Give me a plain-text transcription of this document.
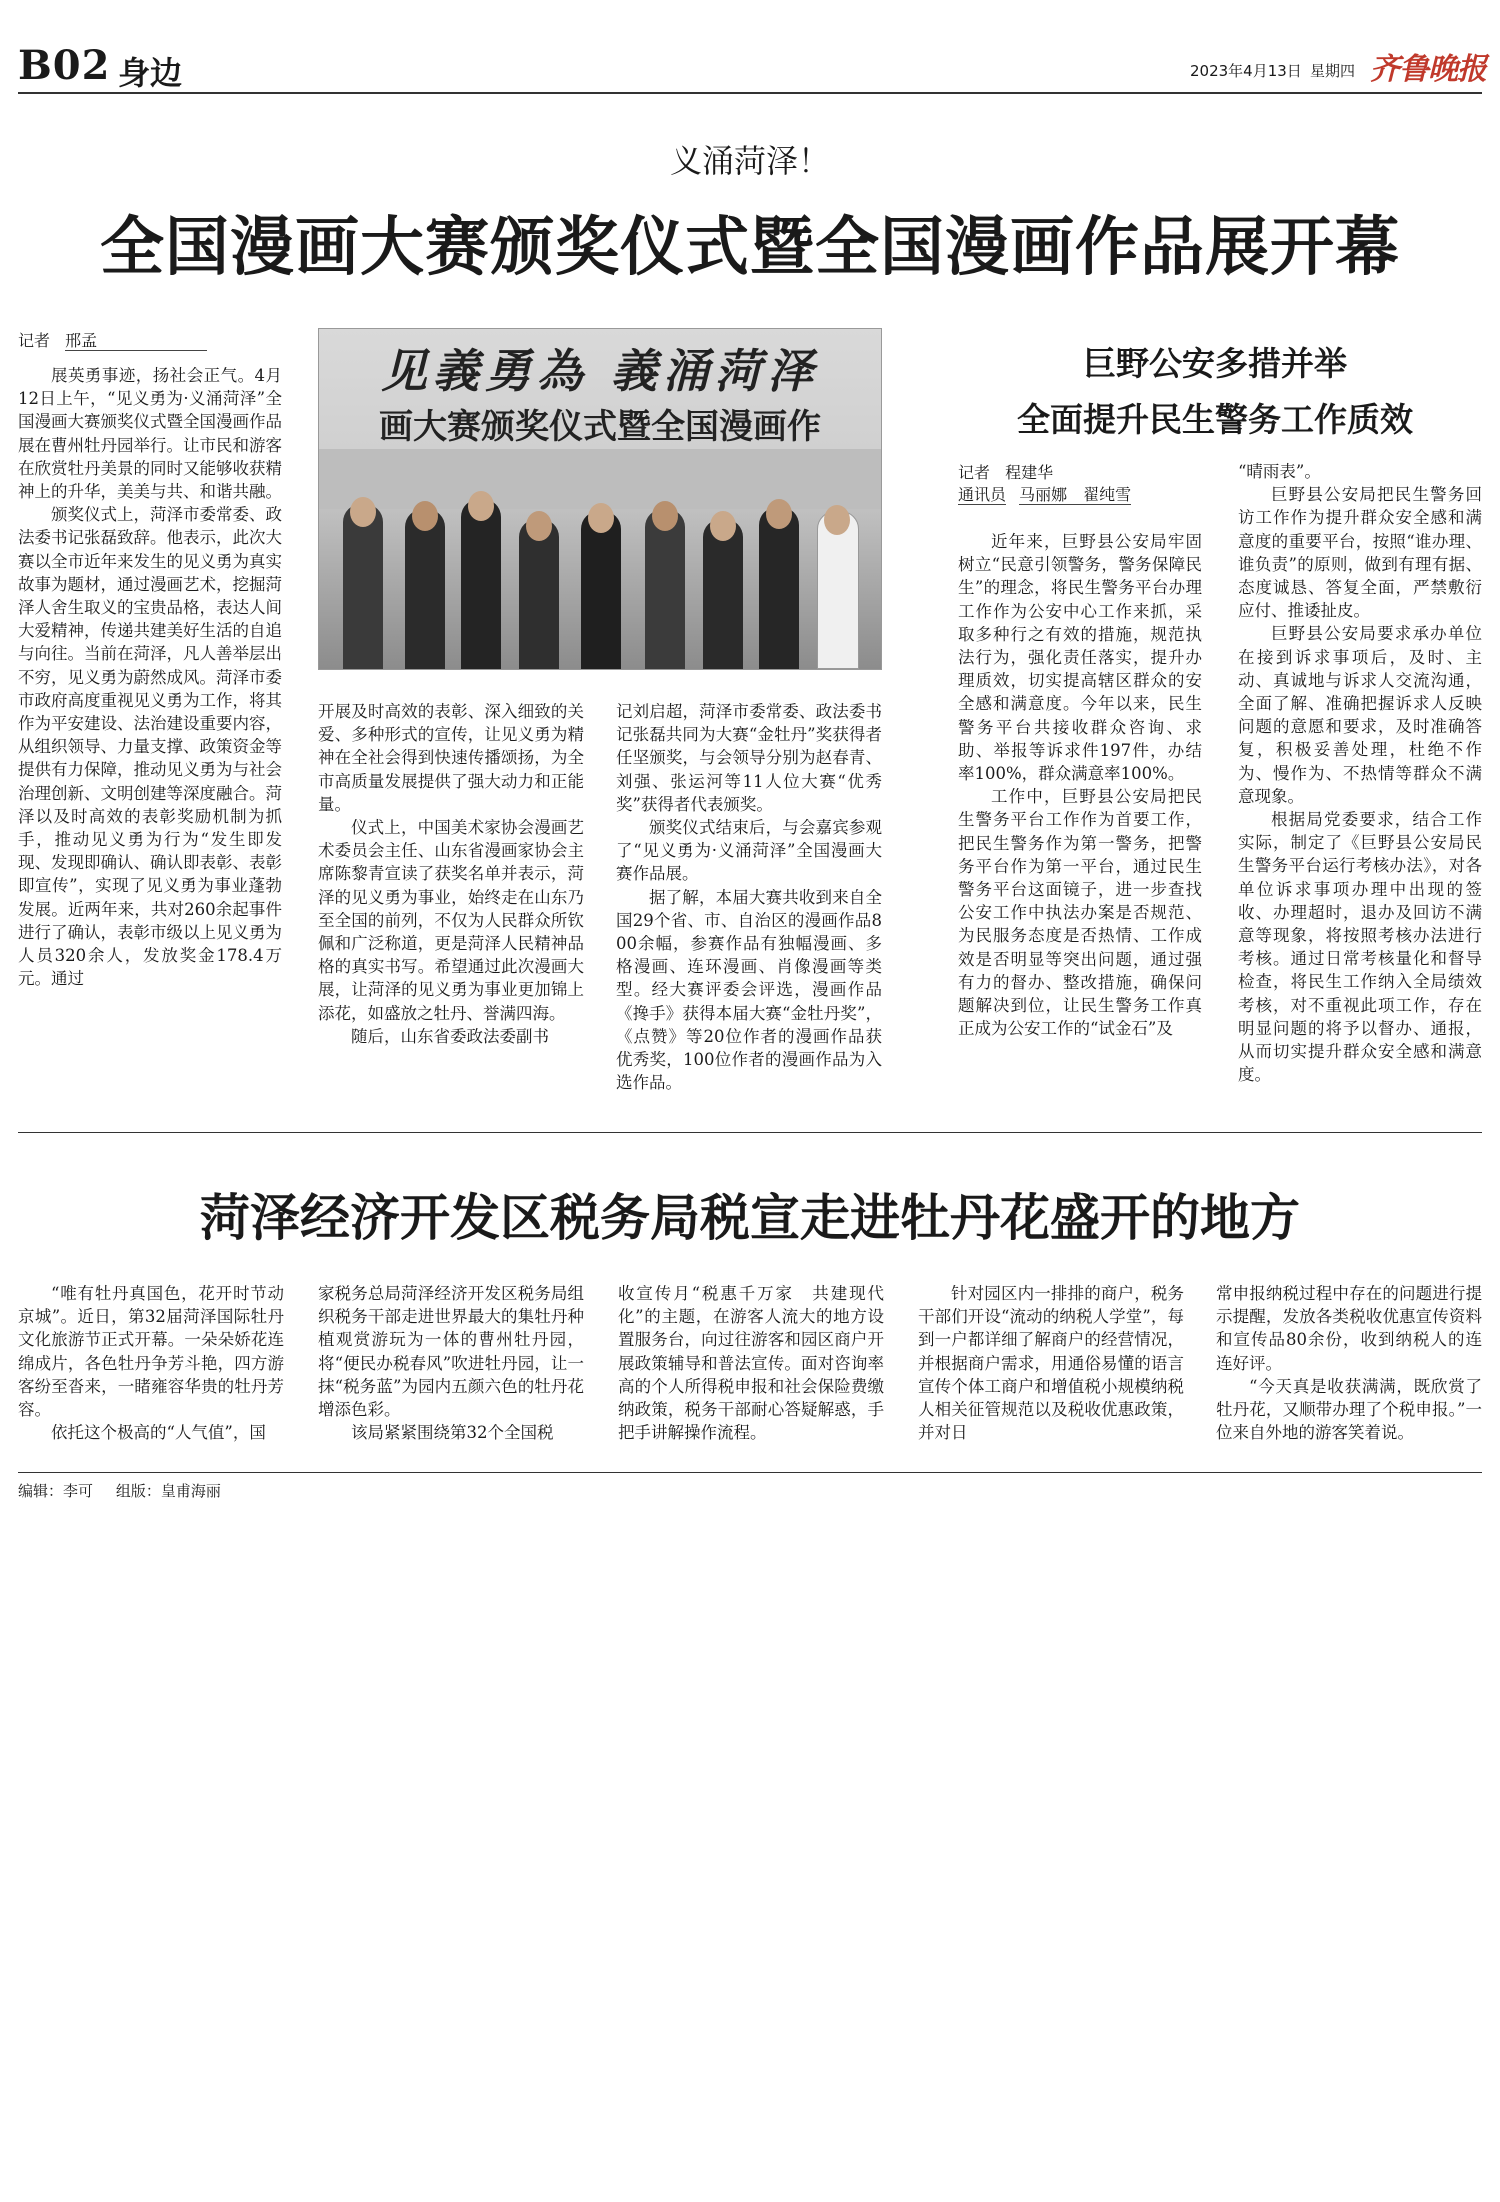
B02 身边	2023年4月13日 星期四 齐鲁晚报
义涌菏泽！
全国漫画大赛颁奖仪式暨全国漫画作品展开幕
记者 邢孟

展英勇事迹，扬社会正气。4月12日上午，“见义勇为·义涌菏泽”全国漫画大赛颁奖仪式暨全国漫画作品展在曹州牡丹园举行。让市民和游客在欣赏牡丹美景的同时又能够收获精神上的升华，美美与共、和谐共融。

颁奖仪式上，菏泽市委常委、政法委书记张磊致辞。他表示，此次大赛以全市近年来发生的见义勇为真实故事为题材，通过漫画艺术，挖掘菏泽人舍生取义的宝贵品格，表达人间大爱精神，传递共建美好生活的自追与向往。当前在菏泽，凡人善举层出不穷，见义勇为蔚然成风。菏泽市委市政府高度重视见义勇为工作，将其作为平安建设、法治建设重要内容，从组织领导、力量支撑、政策资金等提供有力保障，推动见义勇为与社会治理创新、文明创建等深度融合。菏泽以及时高效的表彰奖励机制为抓手，推动见义勇为行为“发生即发现、发现即确认、确认即表彰、表彰即宣传”，实现了见义勇为事业蓬勃发展。近两年来，共对260余起事件进行了确认，表彰市级以上见义勇为人员320余人，发放奖金178.4万元。通过

见義勇為 義涌菏泽
画大赛颁奖仪式暨全国漫画作

开展及时高效的表彰、深入细致的关爱、多种形式的宣传，让见义勇为精神在全社会得到快速传播颂扬，为全市高质量发展提供了强大动力和正能量。

仪式上，中国美术家协会漫画艺术委员会主任、山东省漫画家协会主席陈黎青宣读了获奖名单并表示，菏泽的见义勇为事业，始终走在山东乃至全国的前列，不仅为人民群众所钦佩和广泛称道，更是菏泽人民精神品格的真实书写。希望通过此次漫画大展，让菏泽的见义勇为事业更加锦上添花，如盛放之牡丹、誉满四海。

随后，山东省委政法委副书

记刘启超，菏泽市委常委、政法委书记张磊共同为大赛“金牡丹”奖获得者任坚颁奖，与会领导分别为赵春青、刘强、张运河等11人位大赛“优秀奖”获得者代表颁奖。

颁奖仪式结束后，与会嘉宾参观了“见义勇为·义涌菏泽”全国漫画大赛作品展。

据了解，本届大赛共收到来自全国29个省、市、自治区的漫画作品800余幅，参赛作品有独幅漫画、多格漫画、连环漫画、肖像漫画等类型。经大赛评委会评选，漫画作品《搀手》获得本届大赛“金牡丹奖”，《点赞》等20位作者的漫画作品获优秀奖，100位作者的漫画作品为入选作品。

巨野公安多措并举
全面提升民生警务工作质效
记者 程建华
通讯员 马丽娜　翟纯雪

近年来，巨野县公安局牢固树立“民意引领警务，警务保障民生”的理念，将民生警务平台办理工作作为公安中心工作来抓，采取多种行之有效的措施，规范执法行为，强化责任落实，提升办理质效，切实提高辖区群众的安全感和满意度。今年以来，民生警务平台共接收群众咨询、求助、举报等诉求件197件，办结率100%，群众满意率100%。

工作中，巨野县公安局把民生警务平台工作作为首要工作，把民生警务作为第一警务，把警务平台作为第一平台，通过民生警务平台这面镜子，进一步查找公安工作中执法办案是否规范、为民服务态度是否热情、工作成效是否明显等突出问题，通过强有力的督办、整改措施，确保问题解决到位，让民生警务工作真正成为公安工作的“试金石”及

“晴雨表”。

巨野县公安局把民生警务回访工作作为提升群众安全感和满意度的重要平台，按照“谁办理、谁负责”的原则，做到有理有据、态度诚恳、答复全面，严禁敷衍应付、推诿扯皮。

巨野县公安局要求承办单位在接到诉求事项后，及时、主动、真诚地与诉求人交流沟通，全面了解、准确把握诉求人反映问题的意愿和要求，及时准确答复，积极妥善处理，杜绝不作为、慢作为、不热情等群众不满意现象。

根据局党委要求，结合工作实际，制定了《巨野县公安局民生警务平台运行考核办法》，对各单位诉求事项办理中出现的签收、办理超时，退办及回访不满意等现象，将按照考核办法进行考核。通过日常考核量化和督导检查，将民生工作纳入全局绩效考核，对不重视此项工作，存在明显问题的将予以督办、通报，从而切实提升群众安全感和满意度。

菏泽经济开发区税务局税宣走进牡丹花盛开的地方

“唯有牡丹真国色，花开时节动京城”。近日，第32届菏泽国际牡丹文化旅游节正式开幕。一朵朵娇花连绵成片，各色牡丹争芳斗艳，四方游客纷至沓来，一睹雍容华贵的牡丹芳容。

依托这个极高的“人气值”，国

家税务总局菏泽经济开发区税务局组织税务干部走进世界最大的集牡丹种植观赏游玩为一体的曹州牡丹园，将“便民办税春风”吹进牡丹园，让一抹“税务蓝”为园内五颜六色的牡丹花增添色彩。

该局紧紧围绕第32个全国税

收宣传月“税惠千万家　共建现代化”的主题，在游客人流大的地方设置服务台，向过往游客和园区商户开展政策辅导和普法宣传。面对咨询率高的个人所得税申报和社会保险费缴纳政策，税务干部耐心答疑解惑，手把手讲解操作流程。

针对园区内一排排的商户，税务干部们开设“流动的纳税人学堂”，每到一户都详细了解商户的经营情况，并根据商户需求，用通俗易懂的语言宣传个体工商户和增值税小规模纳税人相关征管规范以及税收优惠政策，并对日

常申报纳税过程中存在的问题进行提示提醒，发放各类税收优惠宣传资料和宣传品80余份，收到纳税人的连连好评。

“今天真是收获满满，既欣赏了牡丹花，又顺带办理了个税申报。”一位来自外地的游客笑着说。

编辑：李可 组版：皇甫海丽
